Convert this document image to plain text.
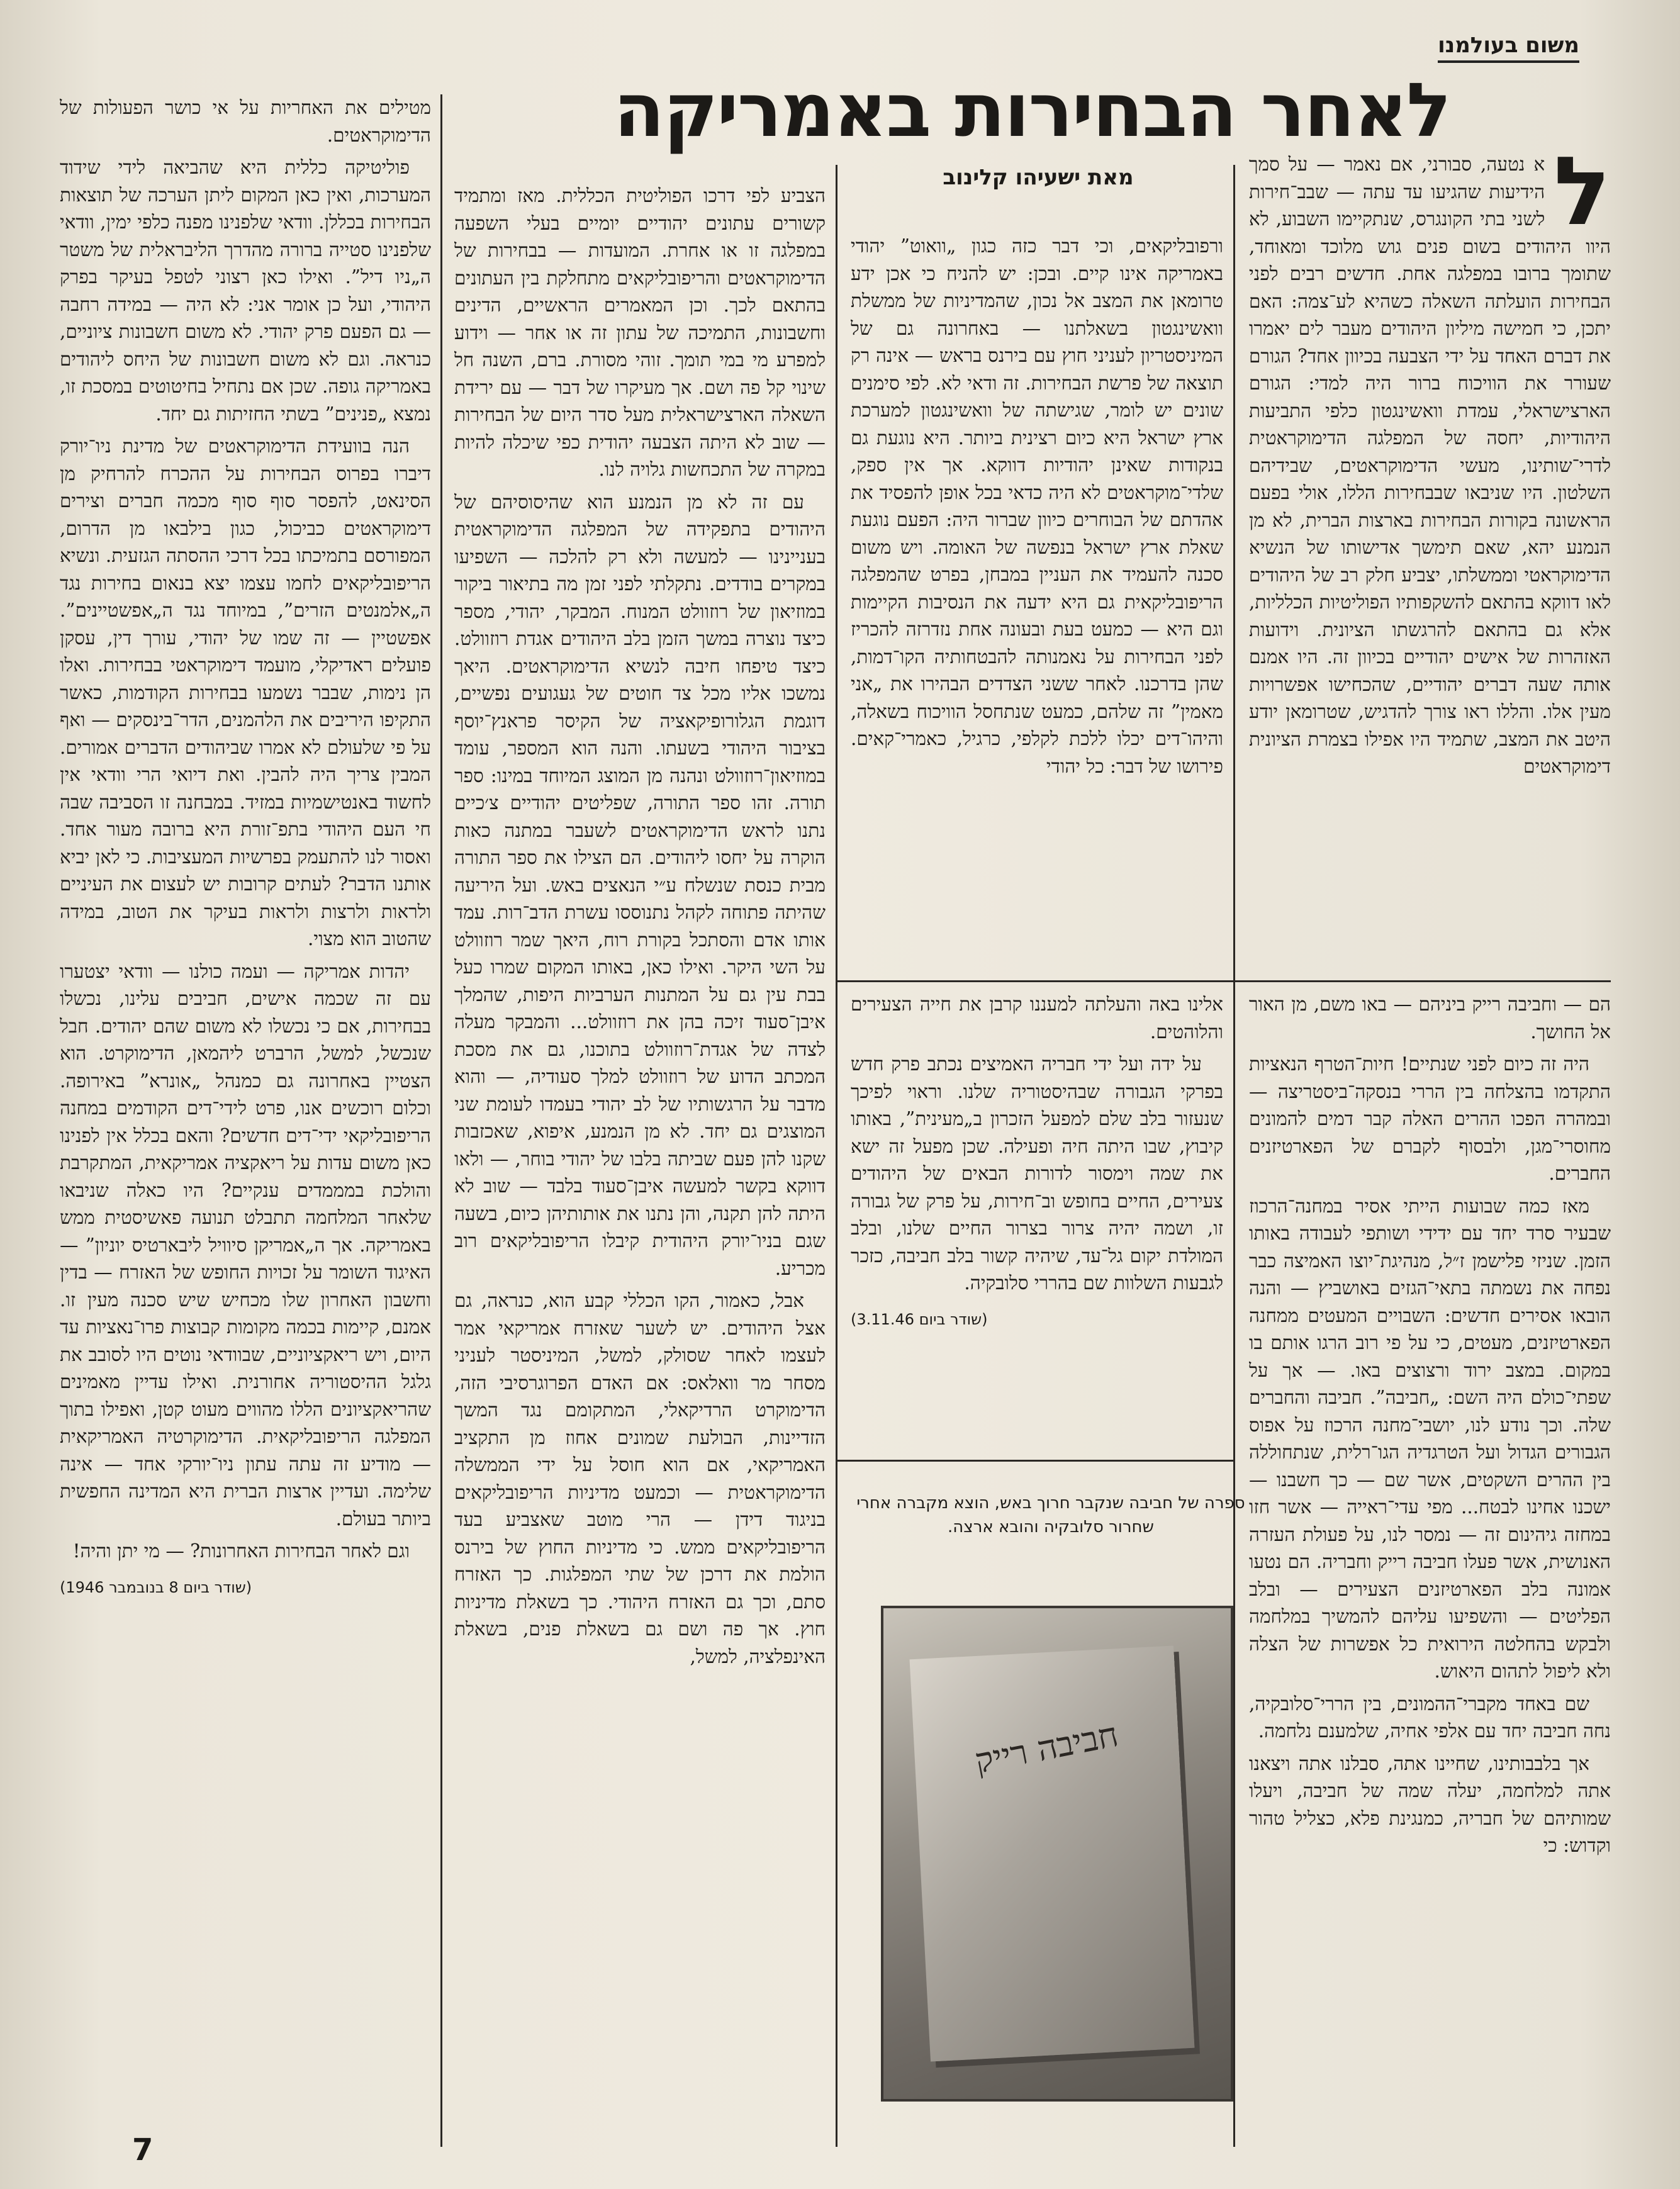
משום בעולמנו
לאחר הבחירות באמריקה
מאת ישעיהו קלינוב	ל
א נטעה, סבורני, אם נאמר — על סמך הידיעות שהגיעו עד עתה — שבב־חירות לשני בתי הקונגרס, שנתקיימו השבוע, לא היוו היהודים בשום פנים גוש מלוכד ומאוחד, שתומך ברובו במפלגה אחת. חדשים רבים לפני הבחירות הועלתה השאלה כשהיא לע־צמה: האם יתכן, כי חמישה מיליון היהודים מעבר לים יאמרו את דברם האחד על ידי הצבעה בכיוון אחד? הגורם שעורר את הוויכוח ברור היה למדי: הגורם הארצישראלי, עמדת וואשינגטון כלפי התביעות היהודיות, יחסה של המפלגה הדימוקראטית לדרי־שותינו, מעשי הדימוקראטים, שבידיהם השלטון. היו שניבאו שבבחירות הללו, אולי בפעם הראשונה בקורות הבחירות בארצות הברית, לא מן הנמנע יהא, שאם תימשך אדישותו של הנשיא הדימוקראטי וממשלתו, יצביע חלק רב של היהודים לאו דווקא בהתאם להשקפותיו הפוליטיות הכלליות, אלא גם בהתאם להרגשתו הציונית. וידועות האזהרות של אישים יהודיים בכיוון זה. היו אמנם אותה שעה דברים יהודיים, שהכחישו אפשרויות מעין אלו. והללו ראו צורך להדגיש, שטרומאן יודע היטב את המצב, שתמיד היו אפילו בצמרת הציונית דימוקראטים

ורפובליקאים, וכי דבר כזה כגון „וואוט” יהודי באמריקה אינו קיים. ובכן: יש להניח כי אכן ידע טרומאן את המצב אל נכון, שהמדיניות של ממשלת וואשינגטון בשאלתנו — באחרונה גם של המיניסטריון לעניני חוץ עם בירנס בראש — אינה רק תוצאה של פרשת הבחירות. זה ודאי לא. לפי סימנים שונים יש לומר, שגישתה של וואשינגטון למערכת ארץ ישראל היא כיום רצינית ביותר. היא נוגעת גם בנקודות שאינן יהודיות דווקא. אך אין ספק, שלדי־מוקראטים לא היה כדאי בכל אופן להפסיד את אהדתם של הבוחרים כיוון שברור היה: הפעם נוגעת שאלת ארץ ישראל בנפשה של האומה. ויש משום סכנה להעמיד את העניין במבחן, בפרט שהמפלגה הריפובליקאית גם היא ידעה את הנסיבות הקיימות וגם היא — כמעט בעת ובעונה אחת נזדרזה להכריז לפני הבחירות על נאמנותה להבטחותיה הקו־דמות, שהן בדרכנו. לאחר ששני הצדדים הבהירו את „אני מאמין” זה שלהם, כמעט שנתחסל הוויכוח בשאלה, והיהו־דים יכלו ללכת לקלפי, כרגיל, כאמרי־קאים. פירושו של דבר: כל יהודי

הצביע לפי דרכו הפוליטית הכללית. מאז ומתמיד קשורים עתונים יהודיים יומיים בעלי השפעה במפלגה זו או אחרת. המועדות — בבחירות של הדימוקראטים והריפובליקאים מתחלקת בין העתונים בהתאם לכך. וכן המאמרים הראשיים, הדינים וחשבונות, התמיכה של עתון זה או אחר — וידוע למפרע מי במי תומך. זוהי מסורת. ברם, השנה חל שינוי קל פה ושם. אך מעיקרו של דבר — עם ירידת השאלה הארצישראלית מעל סדר היום של הבחירות — שוב לא היתה הצבעה יהודית כפי שיכלה להיות במקרה של התכחשות גלויה לנו.

עם זה לא מן הנמנע הוא שהיסוסיהם של היהודים בתפקידה של המפלגה הדימוקראטית בעניינינו — למעשה ולא רק להלכה — השפיעו במקרים בודדים. נתקלתי לפני זמן מה בתיאור ביקור במוזיאון של רוזוולט המנוח. המבקר, יהודי, מספר כיצד נוצרה במשך הזמן בלב היהודים אגדת רוזוולט. כיצד טיפחו חיבה לנשיא הדימוקראטים. היאך נמשכו אליו מכל צד חוטים של געגועים נפשיים, דוגמת הגלורופיקאציה של הקיסר פראנץ־יוסף בציבור היהודי בשעתו. והנה הוא המספר, עומד במוזיאון־רוזוולט ונהנה מן המוצג המיוחד במינו: ספר תורה. זהו ספר התורה, שפליטים יהודיים צ׳כיים נתנו לראש הדימוקראטים לשעבר במתנה כאות הוקרה על יחסו ליהודים. הם הצילו את ספר התורה מבית כנסת שנשלח ע״י הנאצים באש. ועל היריעה שהיתה פתוחה לקהל נתנוססו עשרת הדב־רות. עמד אותו אדם והסתכל בקורת רוח, היאך שמר רוזוולט על השי היקר. ואילו כאן, באותו המקום שמרו כעל בבת עין גם על המתנות הערביות היפות, שהמלך איבן־סעוד זיכה בהן את רוזוולט... והמבקר מעלה לצדה של אגדת־רוזוולט בתוכנו, גם את מסכת המכתב הדוע של רוזוולט למלך סעודיה, — והוא מדבר על הרגשותיו של לב יהודי בעמדו לעומת שני המוצגים גם יחד. לא מן הנמנע, איפוא, שאכזבות שקנו להן פעם שביתה בלבו של יהודי בוחר, — ולאו דווקא בקשר למעשה איבן־סעוד בלבד — שוב לא היתה להן תקנה, והן נתנו את אותותיהן כיום, בשעה שגם בניו־יורק היהודית קיבלו הריפובליקאים רוב מכריע.

אבל, כאמור, הקו הכללי קבע הוא, כנראה, גם אצל היהודים. יש לשער שאזרח אמריקאי אמר לעצמו לאחר שסולק, למשל, המיניסטר לעניני מסחר מר וואלאס: אם האדם הפרוגרסיבי הזה, הדימוקרט הרדיקאלי, המתקומם נגד המשך הזדיינות, הבולעת שמונים אחוז מן התקציב האמריקאי, אם הוא חוסל על ידי הממשלה הדימוקראטית — וכמעט מדיניות הריפובליקאים בניגוד דידן — הרי מוטב שאצביע בעד הריפובליקאים ממש. כי מדיניות החוץ של בירנס הולמת את דרכן של שתי המפלגות. כך האזרח סתם, וכך גם האזרח היהודי. כך בשאלת מדיניות חוץ. אך פה ושם גם בשאלת פנים, בשאלת האינפלציה, למשל,

מטילים את האחריות על אי כושר הפעולות של הדימוקראטים.

פוליטיקה כללית היא שהביאה לידי שידוד המערכות, ואין כאן המקום ליתן הערכה של תוצאות הבחירות בכללן. וודאי שלפנינו מפנה כלפי ימין, וודאי שלפנינו סטייה ברורה מהדרך הליבראלית של משטר ה„ניו דיל”. ואילו כאן רצוני לטפל בעיקר בפרק היהודי, ועל כן אומר אני: לא היה — במידה רחבה — גם הפעם פרק יהודי. לא משום חשבונות ציוניים, כנראה. וגם לא משום חשבונות של היחס ליהודים באמריקה גופה. שכן אם נתחיל בחיטוטים במסכת זו, נמצא „פנינים” בשתי החזיתות גם יחד.

הנה בוועידת הדימוקראטים של מדינת ניו־יורק דיברו בפרוס הבחירות על ההכרח להרחיק מן הסינאט, להפסר סוף סוף מכמה חברים וצירים דימוקראטים כביכול, כגון בילבאו מן הדרום, המפורסם בתמיכתו בכל דרכי ההסתה הגזעית. ונשיא הריפובליקאים לחמו עצמו יצא בנאום בחירות נגד ה„אלמנטים הזרים”, במיוחד נגד ה„אפשטיינים”. אפשטיין — זה שמו של יהודי, עורך דין, עסקן פועלים ראדיקלי, מועמד דימוקראטי בבחירות. ואלו הן נימות, שבבר נשמעו בבחירות הקודמות, כאשר התקיפו היריבים את הלהמנים, הדר־בינסקים — ואף על פי שלעולם לא אמרו שביהודים הדברים אמורים. המבין צריך היה להבין. ואת דיואי הרי וודאי אין לחשוד באנטישמיות במזיד. במבחנה זו הסביבה שבה חי העם היהודי בתפ־זורת היא ברובה מעור אחד. ואסור לנו להתעמק בפרשיות המעציבות. כי לאן יביא אותנו הדבר? לעתים קרובות יש לעצום את העיניים ולראות ולרצות ולראות בעיקר את הטוב, במידה שהטוב הוא מצוי.

יהדות אמריקה — ועמה כולנו — וודאי יצטערו עם זה שכמה אישים, חביבים עלינו, נכשלו בבחירות, אם כי נכשלו לא משום שהם יהודים. חבל שנכשל, למשל, הרברט ליהמאן, הדימוקרט. הוא הצטיין באחרונה גם כמנהל „אונרא” באירופה. וכלום רוכשים אנו, פרט לידי־דים הקודמים במחנה הריפובליקאי ידי־דים חדשים? והאם בכלל אין לפנינו כאן משום עדות על ריאקציה אמריקאית, המתקרבת והולכת במממדים ענקיים? היו כאלה שניבאו שלאחר המלחמה תתבלט תנועה פאשיסטית ממש באמריקה. אך ה„אמריקן סיוויל ליבארטיס יוניון” — האיגוד השומר על זכויות החופש של האזרח — בדין וחשבון האחרון שלו מכחיש שיש סכנה מעין זו. אמנם, קיימות בכמה מקומות קבוצות פרו־נאציות עד היום, ויש ריאקציוניים, שבוודאי נוטים היו לסובב את גלגל ההיסטוריה אחורנית. ואילו עדיין מאמינים שהריאקציונים הללו מהווים מעוט קטן, ואפילו בתוך המפלגה הריפובליקאית. הדימוקרטיה האמריקאית — מודיע זה עתה עתון ניו־יורקי אחד — אינה שלימה. ועדיין ארצות הברית היא המדינה החפשית ביותר בעולם.

וגם לאחר הבחירות האחרונות? — מי יתן והיה!

(שודר ביום 8 בנובמבר 1946)

הם — וחביבה רייק ביניהם — באו משם, מן האור אל החושך.

היה זה כיום לפני שנתיים! חיות־הטרף הנאציות התקדמו בהצלחה בין הררי בנסקה־ביסטריצה — ובמהרה הפכו ההרים האלה קבר דמים להמונים מחוסרי־מגן, ולבסוף לקברם של הפארטיזנים החברים.

מאז כמה שבועות הייתי אסיר במחנה־הרכוז שבעיר סרד יחד עם ידידי ושותפי לעבודה באותו הזמן. שניזי פלישמן ז״ל, מנהיגת־יוצו האמיצה כבר נפחה את נשמתה בתאי־הגזים באושביץ — והנה הובאו אסירים חדשים: השבויים המעטים ממחנה הפארטיזנים, מעטים, כי על פי רוב הרגו אותם בו במקום. במצב ירוד ורצוצים באו. — אך על שפתי־כולם היה השם: „חביבה”. חביבה והחברים שלה. וכך נודע לנו, יושבי־מחנה הרכוז על אפוס הגבורים הגדול ועל הטרגדיה הגו־רלית, שנתחוללה בין ההרים השקטים, אשר שם — כך חשבנו — ישכנו אחינו לבטח... מפי עדי־ראייה — אשר חזו במחזה גיהינום זה — נמסר לנו, על פעולת העזרה האנושית, אשר פעלו חביבה רייק וחבריה. הם נטעו אמונה בלב הפארטיזנים הצעירים — ובלב הפליטים — והשפיעו עליהם להמשיך במלחמה ולבקש בהחלטה הירואית כל אפשרות של הצלה ולא ליפול לתהום היאוש.

שם באחד מקברי־ההמונים, בין הררי־סלובקיה, נחה חביבה יחד עם אלפי אחיה, שלמענם נלחמה.

אך בלבבותינו, שחיינו אתה, סבלנו אתה ויצאנו אתה למלחמה, יעלה שמה של חביבה, ויעלו שמותיהם של חבריה, כמנגינת פלא, כצליל טהור וקדוש: כי

אלינו באה והעלתה למעננו קרבן את חייה הצעירים והלוהטים.

על ידה ועל ידי חבריה האמיצים נכתב פרק חדש בפרקי הגבורה שבהיסטוריה שלנו. וראוי לפיכך שנעזור בלב שלם למפעל הזכרון ב„מעינית”, באותו קיבוץ, שבו היתה חיה ופעילה. שכן מפעל זה ישא את שמה וימסור לדורות הבאים של היהודים צעירים, החיים בחופש וב־חירות, על פרק של גבורה זו, ושמה יהיה צרור בצרור החיים שלנו, ובלב המולדת יקום גל־עד, שיהיה קשור בלב חביבה, כזכר לגבעות השלוות שם בהררי סלובקיה.

(שודר ביום 3.11.46)

ספרה של חביבה שנקבר חרוך באש, הוצא מקברה אחרי שחרור סלובקיה והובא ארצה.
חביבה רייק
7
